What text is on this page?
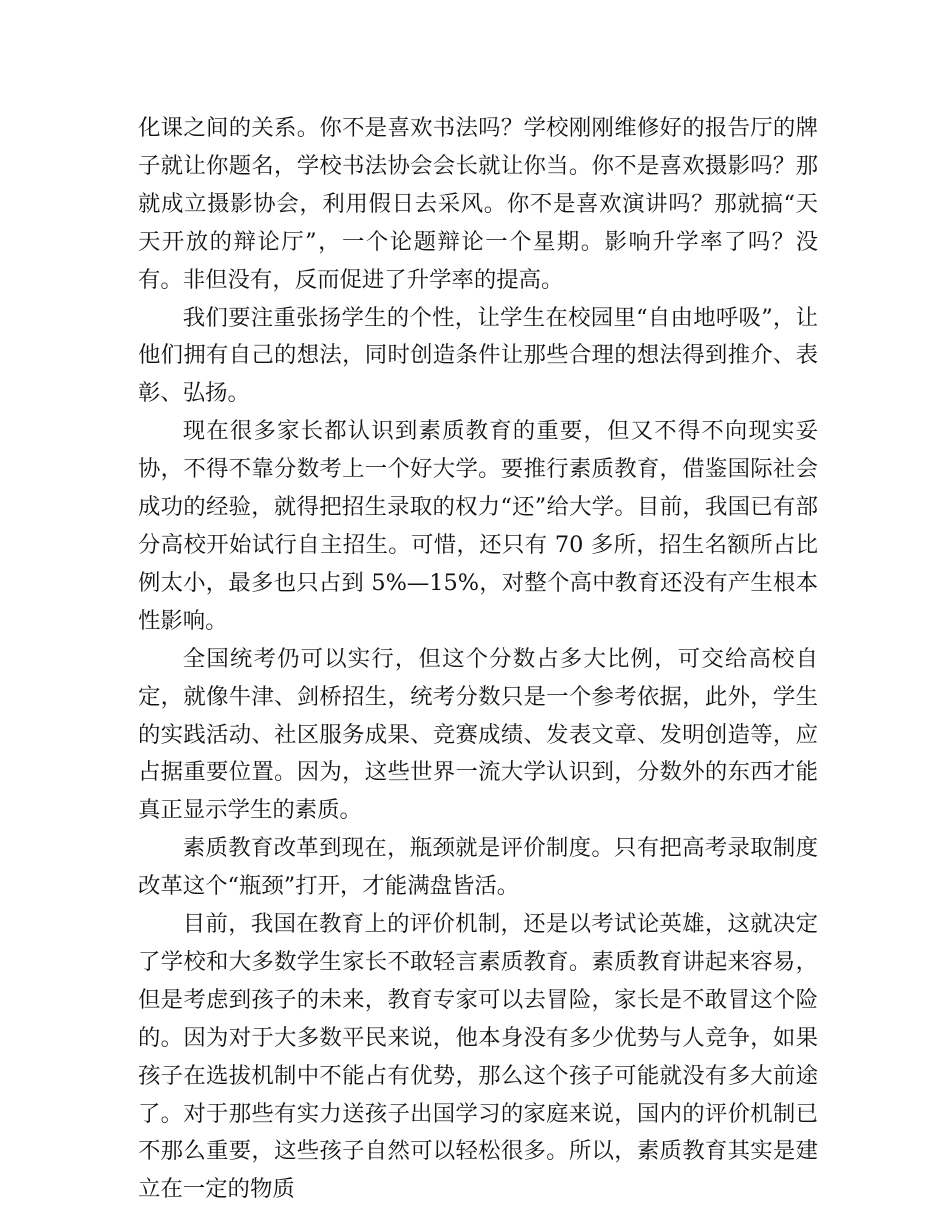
化课之间的关系。你不是喜欢书法吗？学校刚刚维修好的报告厅的牌子就让你题名，学校书法协会会长就让你当。你不是喜欢摄影吗？那就成立摄影协会，利用假日去采风。你不是喜欢演讲吗？那就搞“天天开放的辩论厅”，一个论题辩论一个星期。影响升学率了吗？没有。非但没有，反而促进了升学率的提高。

我们要注重张扬学生的个性，让学生在校园里“自由地呼吸”，让他们拥有自己的想法，同时创造条件让那些合理的想法得到推介、表彰、弘扬。

现在很多家长都认识到素质教育的重要，但又不得不向现实妥协，不得不靠分数考上一个好大学。要推行素质教育，借鉴国际社会成功的经验，就得把招生录取的权力“还”给大学。目前，我国已有部分高校开始试行自主招生。可惜，还只有 70 多所，招生名额所占比例太小，最多也只占到 5%—15%，对整个高中教育还没有产生根本性影响。

全国统考仍可以实行，但这个分数占多大比例，可交给高校自定，就像牛津、剑桥招生，统考分数只是一个参考依据，此外，学生的实践活动、社区服务成果、竞赛成绩、发表文章、发明创造等，应占据重要位置。因为，这些世界一流大学认识到，分数外的东西才能真正显示学生的素质。

素质教育改革到现在，瓶颈就是评价制度。只有把高考录取制度改革这个“瓶颈”打开，才能满盘皆活。

目前，我国在教育上的评价机制，还是以考试论英雄，这就决定了学校和大多数学生家长不敢轻言素质教育。素质教育讲起来容易，但是考虑到孩子的未来，教育专家可以去冒险，家长是不敢冒这个险的。因为对于大多数平民来说，他本身没有多少优势与人竞争，如果孩子在选拔机制中不能占有优势，那么这个孩子可能就没有多大前途了。对于那些有实力送孩子出国学习的家庭来说，国内的评价机制已不那么重要，这些孩子自然可以轻松很多。所以，素质教育其实是建立在一定的物质
